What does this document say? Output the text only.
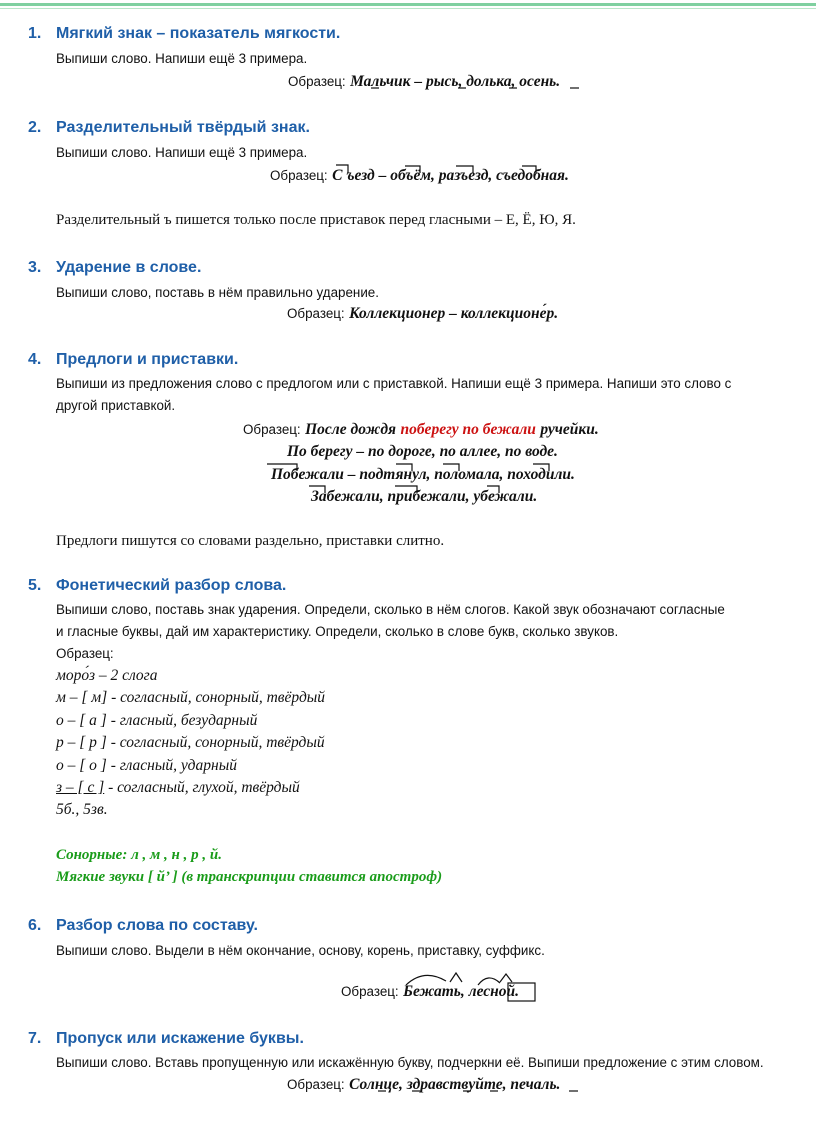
1. Мягкий знак – показатель мягкости.
Выпиши слово. Напиши ещё 3 примера.
Образец: Мальчик – рысь, долька, осень.
2. Разделительный твёрдый знак.
Выпиши слово. Напиши ещё 3 примера.
Образец: С ъезд – объём, разъезд, съедобная.
Разделительный ъ пишется только после приставок перед гласными – Е, Ё, Ю, Я.
3. Ударение в слове.
Выпиши слово, поставь в нём правильно ударение.
Образец: Коллекционер – коллекционе́р.
4. Предлоги и приставки.
Выпиши из предложения слово с предлогом или с приставкой. Напиши ещё 3 примера. Напиши это слово с
другой приставкой.
Образец: После дождя поберегу по бежали ручейки.
По берегу – по дороге, по аллее, по воде.
Побежали – подтянул, поломала, походили.
Забежали, прибежали, убежали.
Предлоги пишутся со словами раздельно, приставки слитно.
5. Фонетический разбор слова.
Выпиши слово, поставь знак ударения. Определи, сколько в нём слогов. Какой звук обозначают согласные
и гласные буквы, дай им характеристику. Определи, сколько в слове букв, сколько звуков.
Образец:
моро́з – 2 слога
м – [ м] - согласный, сонорный, твёрдый
о – [ а ] - гласный, безударный
р – [ р ] - согласный, сонорный, твёрдый
о – [ о ] - гласный, ударный
з – [ с ] - согласный, глухой, твёрдый
5б., 5зв.
Сонорные: л , м , н , р , й.
Мягкие звуки [ й’ ] (в транскрипции ставится апостроф)
6. Разбор слова по составу.
Выпиши слово. Выдели в нём окончание, основу, корень, приставку, суффикс.
Образец: Бежать, лесной.
7. Пропуск или искажение буквы.
Выпиши слово. Вставь пропущенную или искажённую букву, подчеркни её. Выпиши предложение с этим словом.
Образец: Солнце, здравствуйте, печаль.
